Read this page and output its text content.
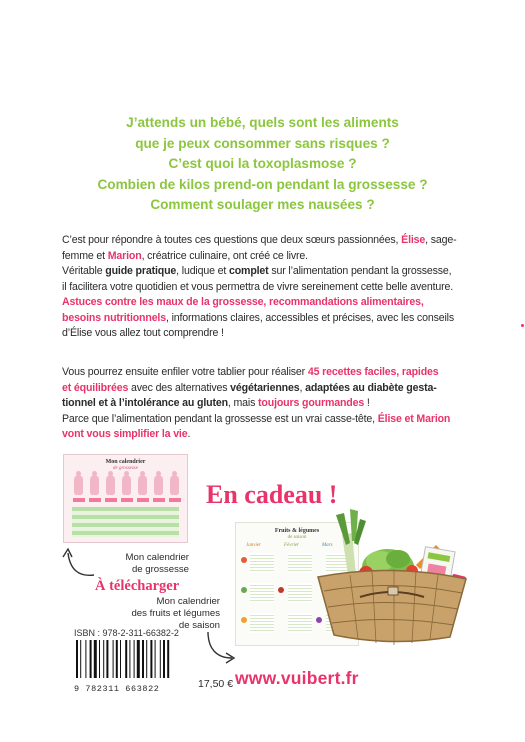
J’attends un bébé, quels sont les aliments
que je peux consommer sans risques ?
C’est quoi la toxoplasmose ?
Combien de kilos prend-on pendant la grossesse ?
Comment soulager mes nausées ?
C’est pour répondre à toutes ces questions que deux sœurs passionnées, Élise, sage-
femme et Marion, créatrice culinaire, ont créé ce livre.
Véritable guide pratique, ludique et complet sur l’alimentation pendant la grossesse,
il facilitera votre quotidien et vous permettra de vivre sereinement cette belle aventure.
Astuces contre les maux de la grossesse, recommandations alimentaires,
besoins nutritionnels, informations claires, accessibles et précises, avec les conseils
d’Élise vous allez tout comprendre !
Vous pourrez ensuite enfiler votre tablier pour réaliser 45 recettes faciles, rapides
et équilibrées avec des alternatives végétariennes, adaptées au diabète gesta-
tionnel et à l’intolérance au gluten, mais toujours gourmandes !
Parce que l’alimentation pendant la grossesse est un vrai casse-tête, Élise et Marion
vont vous simplifier la vie.
Mon calendrier
de grossesse
En cadeau !
Mon calendrier
de grossesse
À télécharger
Mon calendrier
des fruits et légumes
de saison
Fruits & légumes
de saison
Janvier	Février	Mars
ISBN : 978-2-311-66382-2
9 782311 663822	17,50 € www.vuibert.fr
